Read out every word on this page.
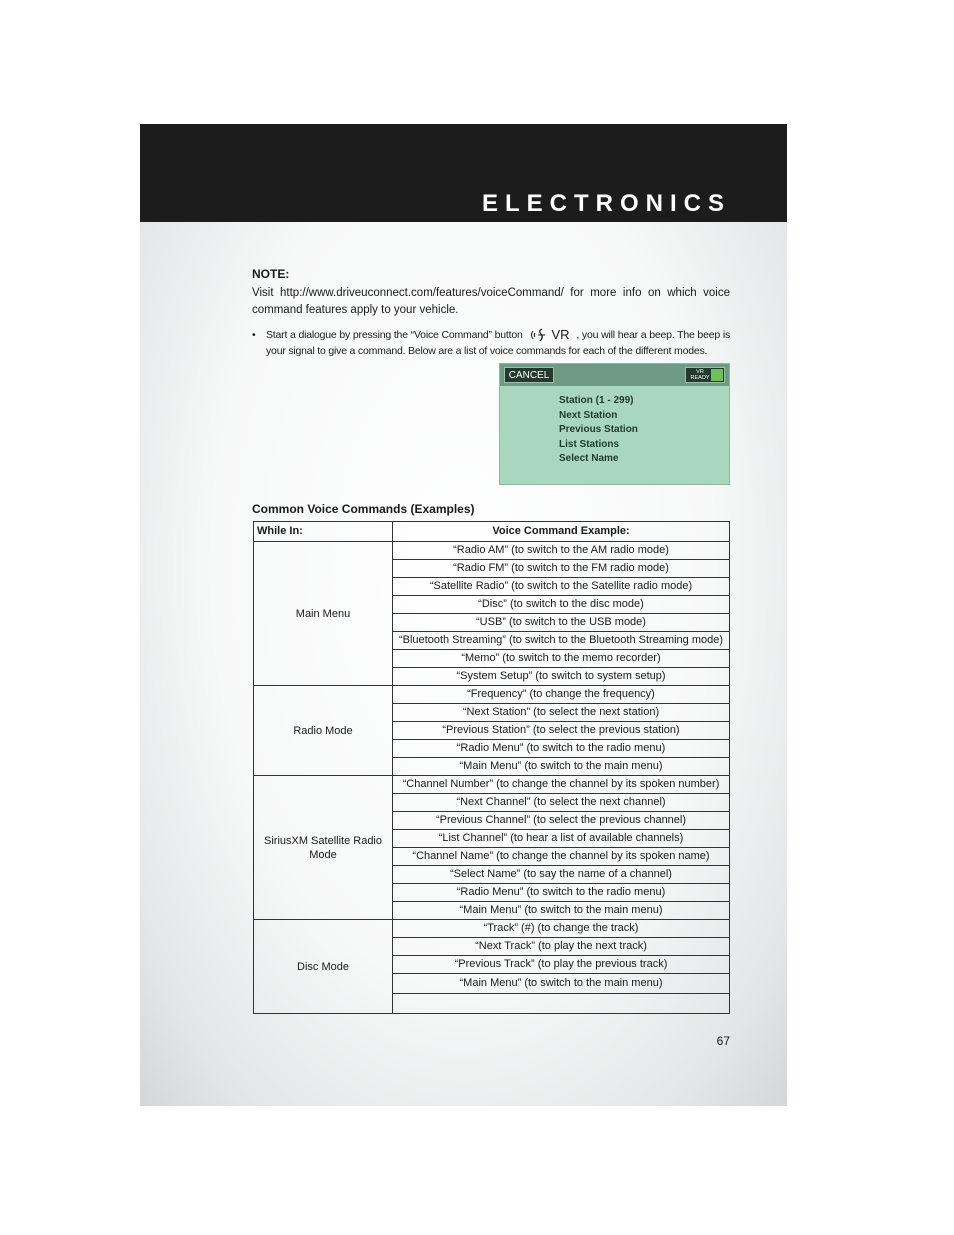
ELECTRONICS
NOTE:
Visit http://www.driveuconnect.com/features/voiceCommand/ for more info on which voice command features apply to your vehicle.
• Start a dialogue by pressing the “Voice Command” button VR , you will hear a beep. The beep is your signal to give a command. Below are a list of voice commands for each of the different modes.
CANCEL	VR
READY
Station (1 - 299)
Next Station
Previous Station
List Stations
Select Name
Common Voice Commands (Examples)
While In:	Voice Command Example:
Main Menu	“Radio AM” (to switch to the AM radio mode)
	“Radio FM” (to switch to the FM radio mode)
	“Satellite Radio” (to switch to the Satellite radio mode)
	“Disc” (to switch to the disc mode)
	“USB” (to switch to the USB mode)
	“Bluetooth Streaming” (to switch to the Bluetooth Streaming mode)
	“Memo” (to switch to the memo recorder)
	“System Setup” (to switch to system setup)
Radio Mode	“Frequency” (to change the frequency)
	“Next Station” (to select the next station)
	“Previous Station” (to select the previous station)
	“Radio Menu” (to switch to the radio menu)
	“Main Menu” (to switch to the main menu)
SiriusXM Satellite Radio Mode	“Channel Number” (to change the channel by its spoken number)
	“Next Channel” (to select the next channel)
	“Previous Channel” (to select the previous channel)
	“List Channel” (to hear a list of available channels)
	“Channel Name” (to change the channel by its spoken name)
	“Select Name” (to say the name of a channel)
	“Radio Menu” (to switch to the radio menu)
	“Main Menu” (to switch to the main menu)
Disc Mode	“Track” (#) (to change the track)
	“Next Track” (to play the next track)
	“Previous Track” (to play the previous track)
	“Main Menu” (to switch to the main menu)

67
